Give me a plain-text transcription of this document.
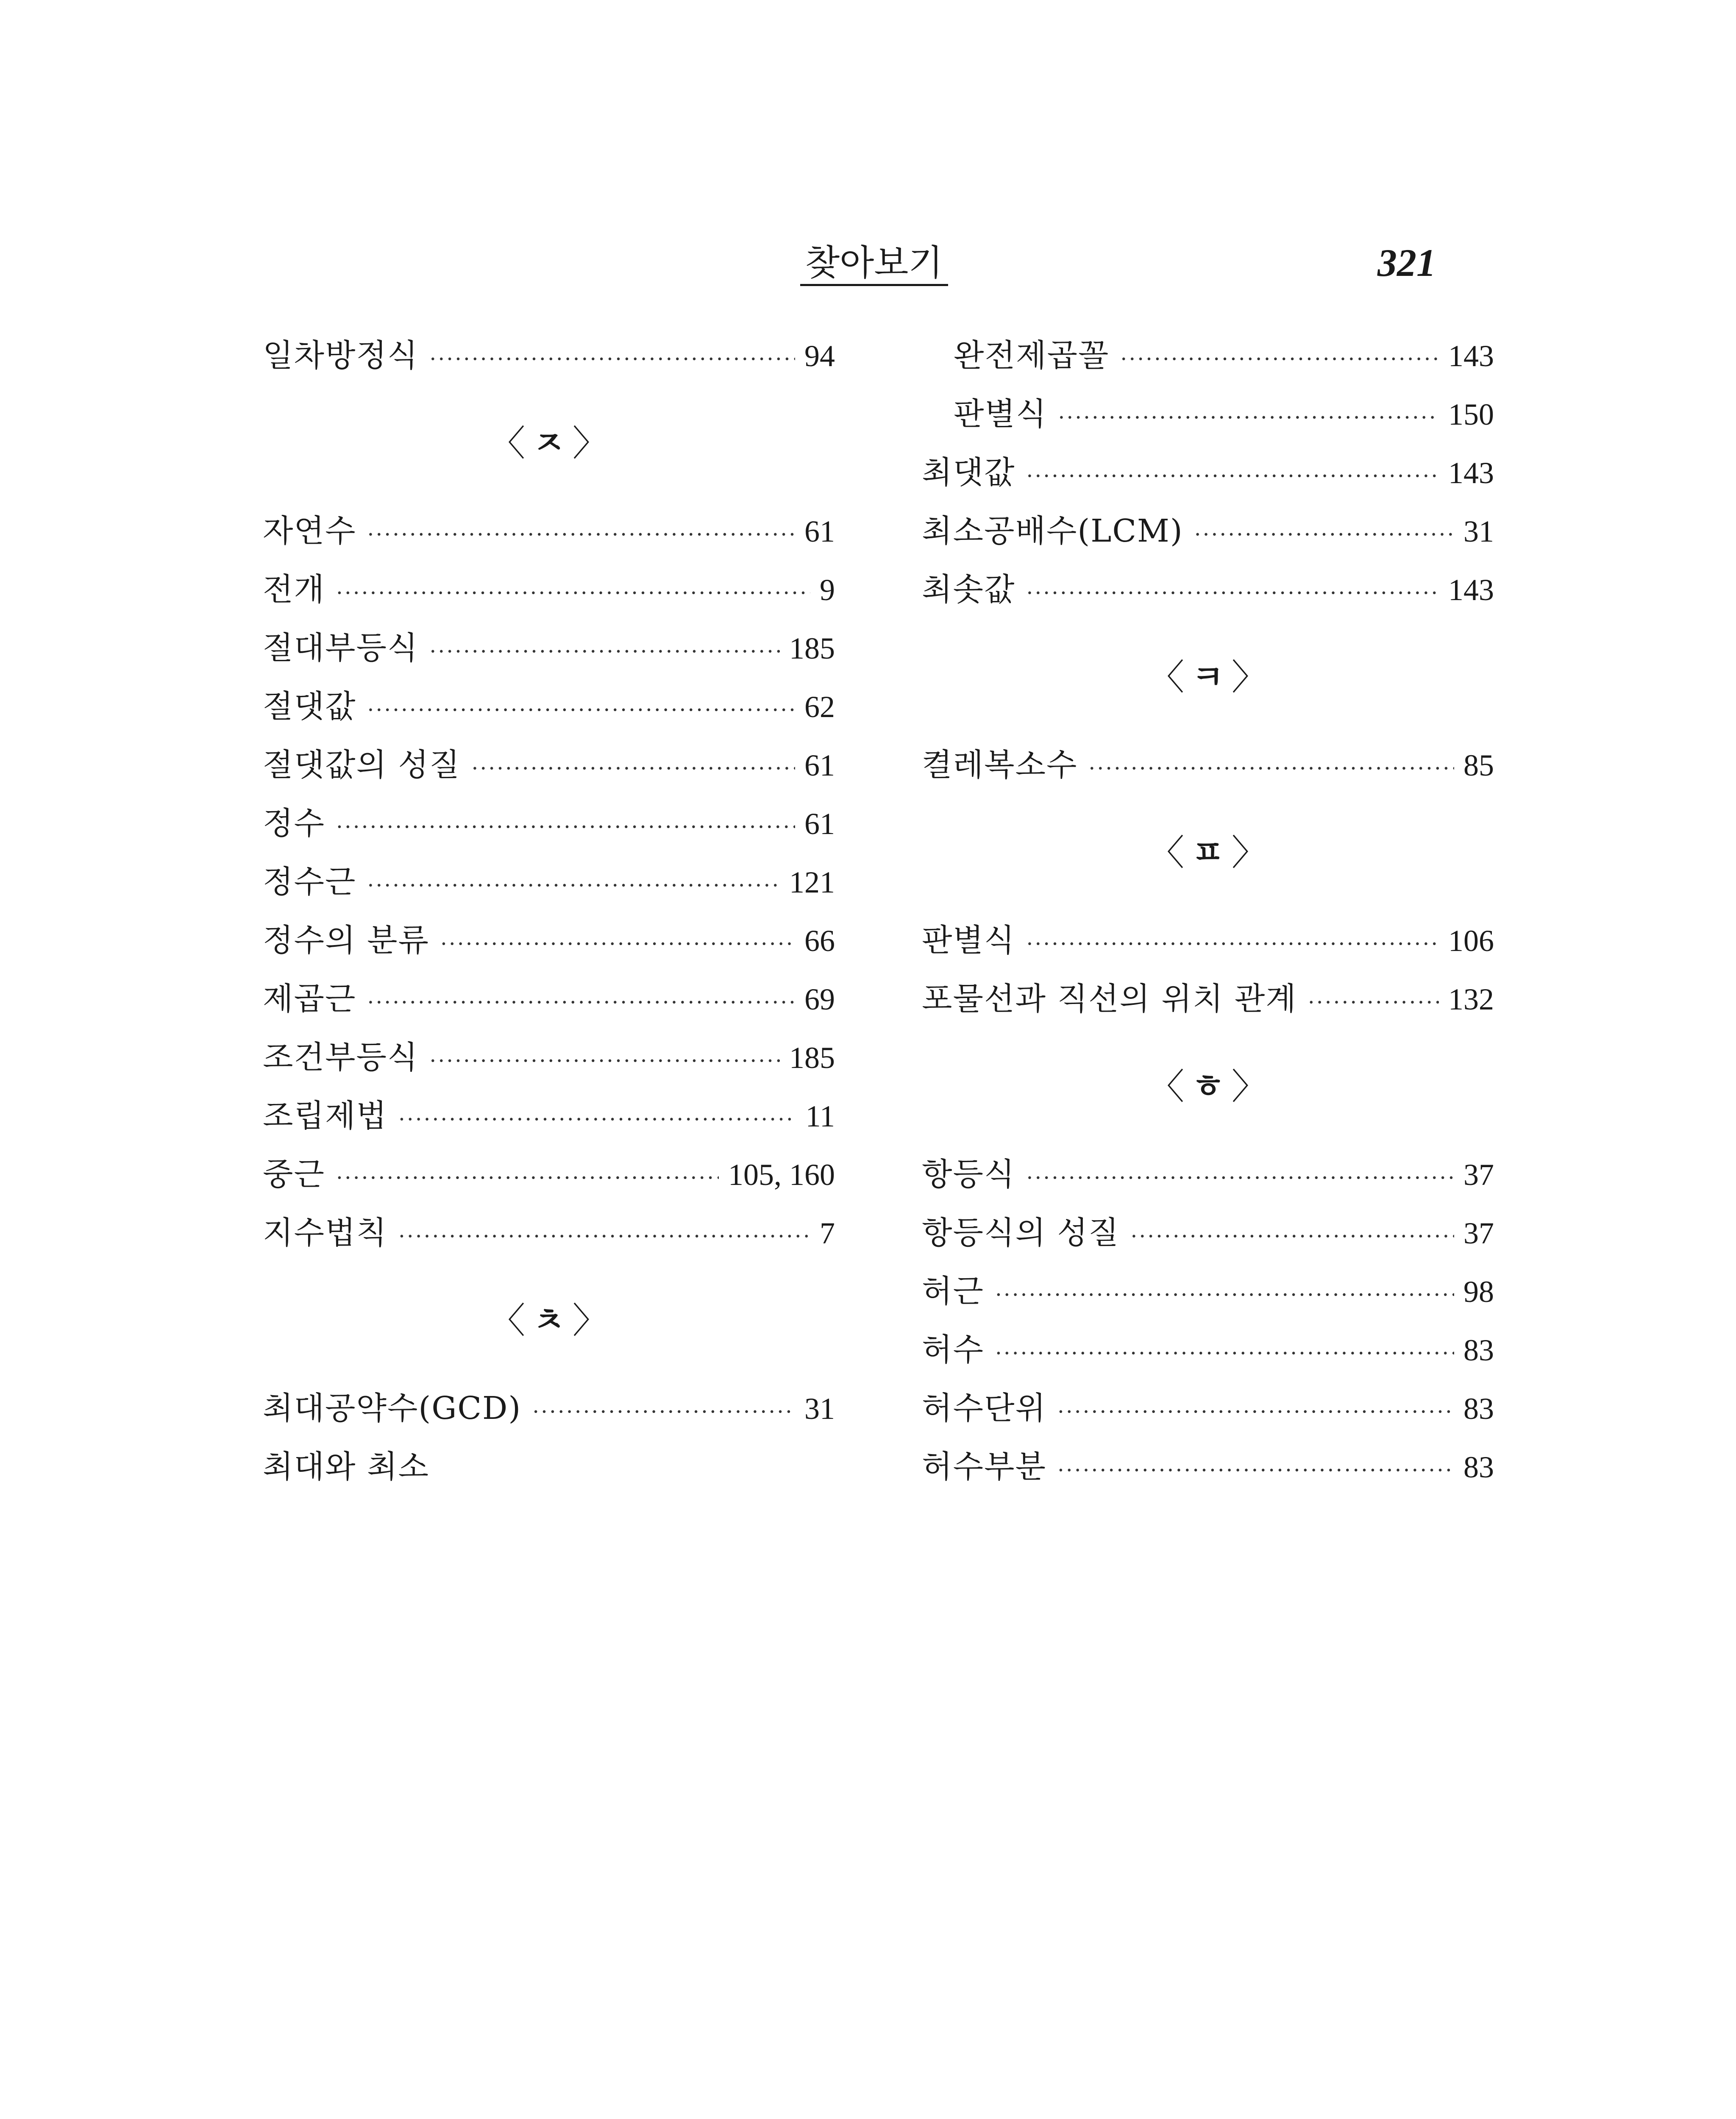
찾아보기	321
일차방정식 ·····	94
〈 ㅈ 〉
자연수 ·····	61
전개 ·····	9
절대부등식 ·····	185
절댓값 ·····	62
절댓값의 성질 ·····	61
정수 ·····	61
정수근 ·····	121
정수의 분류 ·····	66
제곱근 ·····	69
조건부등식 ·····	185
조립제법 ·····	11
중근 ·····	105, 160
지수법칙 ·····	7
〈 ㅊ 〉
최대공약수(GCD) ·····	31
최대와 최소
완전제곱꼴 ·····	143
판별식 ·····	150
최댓값 ·····	143
최소공배수(LCM) ·····	31
최솟값 ·····	143
〈 ㅋ 〉
켤레복소수 ·····	85
〈 ㅍ 〉
판별식 ·····	106
포물선과 직선의 위치 관계 ·····	132
〈 ㅎ 〉
항등식 ·····	37
항등식의 성질 ·····	37
허근 ·····	98
허수 ·····	83
허수단위 ·····	83
허수부분 ·····	83
